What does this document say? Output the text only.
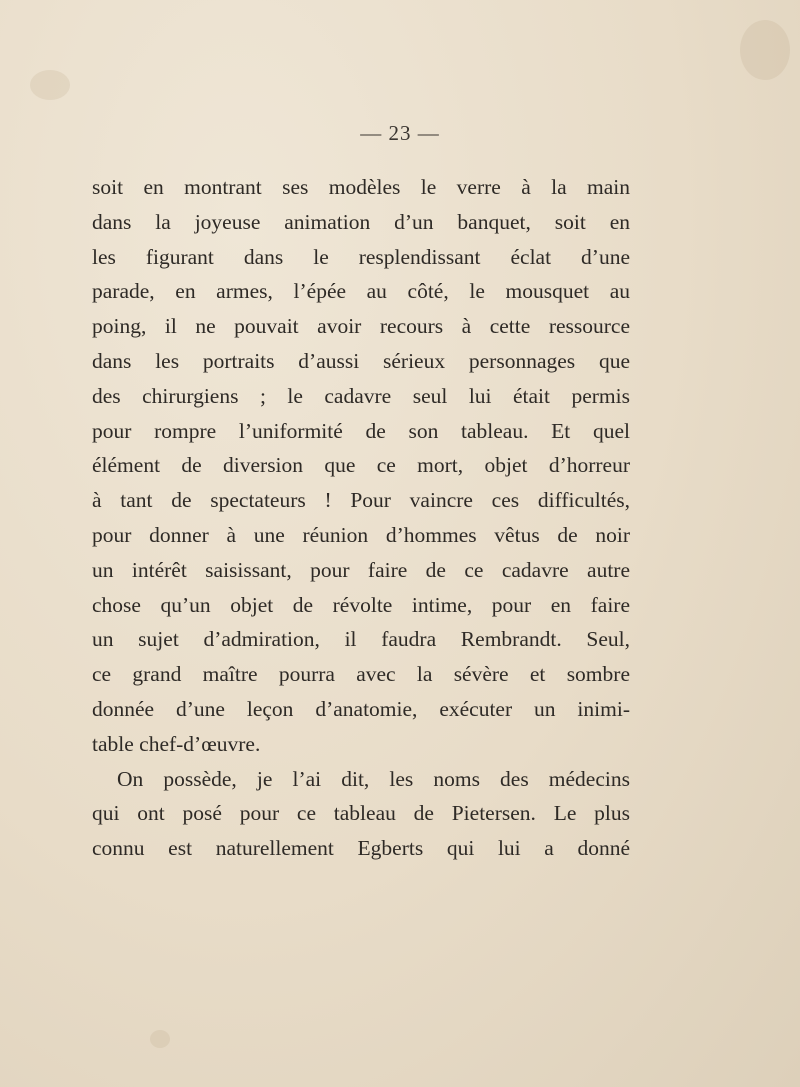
— 23 —
soit en montrant ses modèles le verre à la main
dans la joyeuse animation d’un banquet, soit en
les figurant dans le resplendissant éclat d’une
parade, en armes, l’épée au côté, le mousquet au
poing, il ne pouvait avoir recours à cette ressource
dans les portraits d’aussi sérieux personnages que
des chirurgiens ; le cadavre seul lui était permis
pour rompre l’uniformité de son tableau. Et quel
élément de diversion que ce mort, objet d’horreur
à tant de spectateurs ! Pour vaincre ces difficultés,
pour donner à une réunion d’hommes vêtus de noir
un intérêt saisissant, pour faire de ce cadavre autre
chose qu’un objet de révolte intime, pour en faire
un sujet d’admiration, il faudra Rembrandt. Seul,
ce grand maître pourra avec la sévère et sombre
donnée d’une leçon d’anatomie, exécuter un inimi-
table chef-d’œuvre.
On possède, je l’ai dit, les noms des médecins
qui ont posé pour ce tableau de Pietersen. Le plus
connu est naturellement Egberts qui lui a donné
